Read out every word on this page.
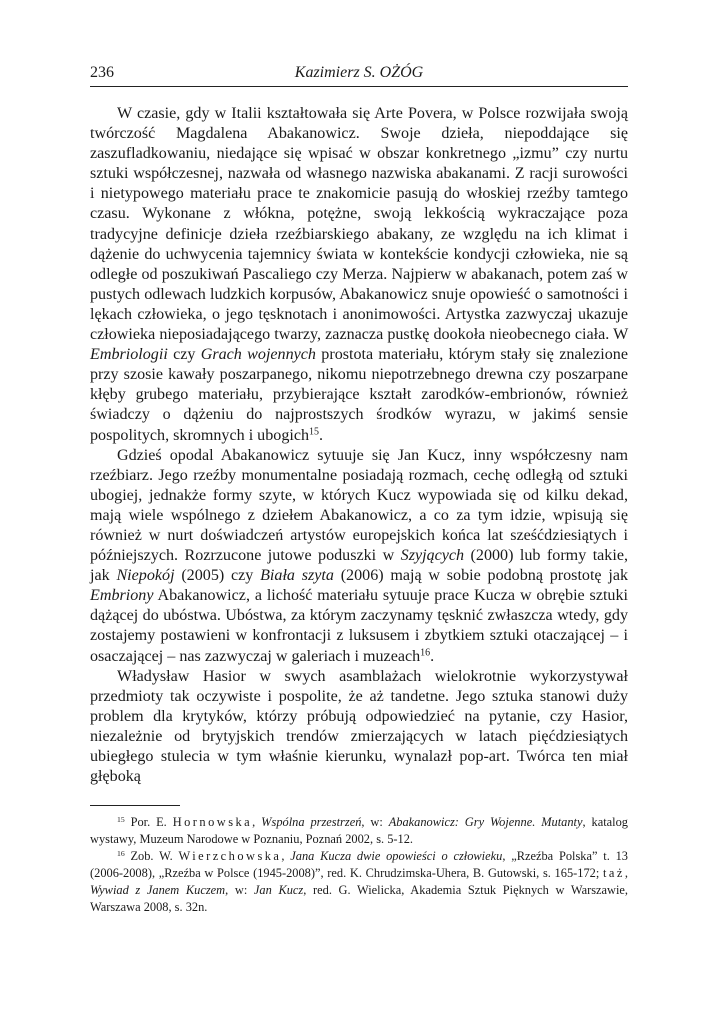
236	Kazimierz S. OŻÓG

W czasie, gdy w Italii kształtowała się Arte Povera, w Polsce rozwijała swoją twórczość Magdalena Abakanowicz. Swoje dzieła, niepoddające się zaszufladkowaniu, niedające się wpisać w obszar konkretnego „izmu” czy nurtu sztuki współczesnej, nazwała od własnego nazwiska abakanami. Z racji surowości i nietypowego materiału prace te znakomicie pasują do włoskiej rzeźby tamtego czasu. Wykonane z włókna, potężne, swoją lekkością wykraczające poza tradycyjne definicje dzieła rzeźbiarskiego abakany, ze względu na ich klimat i dążenie do uchwycenia tajemnicy świata w kontekście kondycji człowieka, nie są odległe od poszukiwań Pascaliego czy Merza. Najpierw w abakanach, potem zaś w pustych odlewach ludzkich korpusów, Abakanowicz snuje opowieść o samotności i lękach człowieka, o jego tęsknotach i anonimowości. Artystka zazwyczaj ukazuje człowieka nieposiadającego twarzy, zaznacza pustkę dookoła nieobecnego ciała. W Embriologii czy Grach wojennych prostota materiału, którym stały się znalezione przy szosie kawały poszarpanego, nikomu niepotrzebnego drewna czy poszarpane kłęby grubego materiału, przybierające kształt zarodków-embrionów, również świadczy o dążeniu do najprostszych środków wyrazu, w jakimś sensie pospolitych, skromnych i ubogich$^{15}$.

Gdzieś opodal Abakanowicz sytuuje się Jan Kucz, inny współczesny nam rzeźbiarz. Jego rzeźby monumentalne posiadają rozmach, cechę odległą od sztuki ubogiej, jednakże formy szyte, w których Kucz wypowiada się od kilku dekad, mają wiele wspólnego z dziełem Abakanowicz, a co za tym idzie, wpisują się również w nurt doświadczeń artystów europejskich końca lat sześćdziesiątych i późniejszych. Rozrzucone jutowe poduszki w Szyjących (2000) lub formy takie, jak Niepokój (2005) czy Biała szyta (2006) mają w sobie podobną prostotę jak Embriony Abakanowicz, a lichość materiału sytuuje prace Kucza w obrębie sztuki dążącej do ubóstwa. Ubóstwa, za którym zaczynamy tęsknić zwłaszcza wtedy, gdy zostajemy postawieni w konfrontacji z luksusem i zbytkiem sztuki otaczającej – i osaczającej – nas zazwyczaj w galeriach i muzeach$^{16}$.

Władysław Hasior w swych asamblażach wielokrotnie wykorzystywał przedmioty tak oczywiste i pospolite, że aż tandetne. Jego sztuka stanowi duży problem dla krytyków, którzy próbują odpowiedzieć na pytanie, czy Hasior, niezależnie od brytyjskich trendów zmierzających w latach pięćdziesiątych ubiegłego stulecia w tym właśnie kierunku, wynalazł pop-art. Twórca ten miał głęboką

$^{15}$ Por. E. Hornowska, Wspólna przestrzeń, w: Abakanowicz: Gry Wojenne. Mutanty, katalog wystawy, Muzeum Narodowe w Poznaniu, Poznań 2002, s. 5-12.

$^{16}$ Zob. W. Wierzchowska, Jana Kucza dwie opowieści o człowieku, „Rzeźba Polska” t. 13 (2006-2008), „Rzeźba w Polsce (1945-2008)”, red. K. Chrudzimska-Uhera, B. Gutowski, s. 165-172; taż, Wywiad z Janem Kuczem, w: Jan Kucz, red. G. Wielicka, Akademia Sztuk Pięknych w Warszawie, Warszawa 2008, s. 32n.
